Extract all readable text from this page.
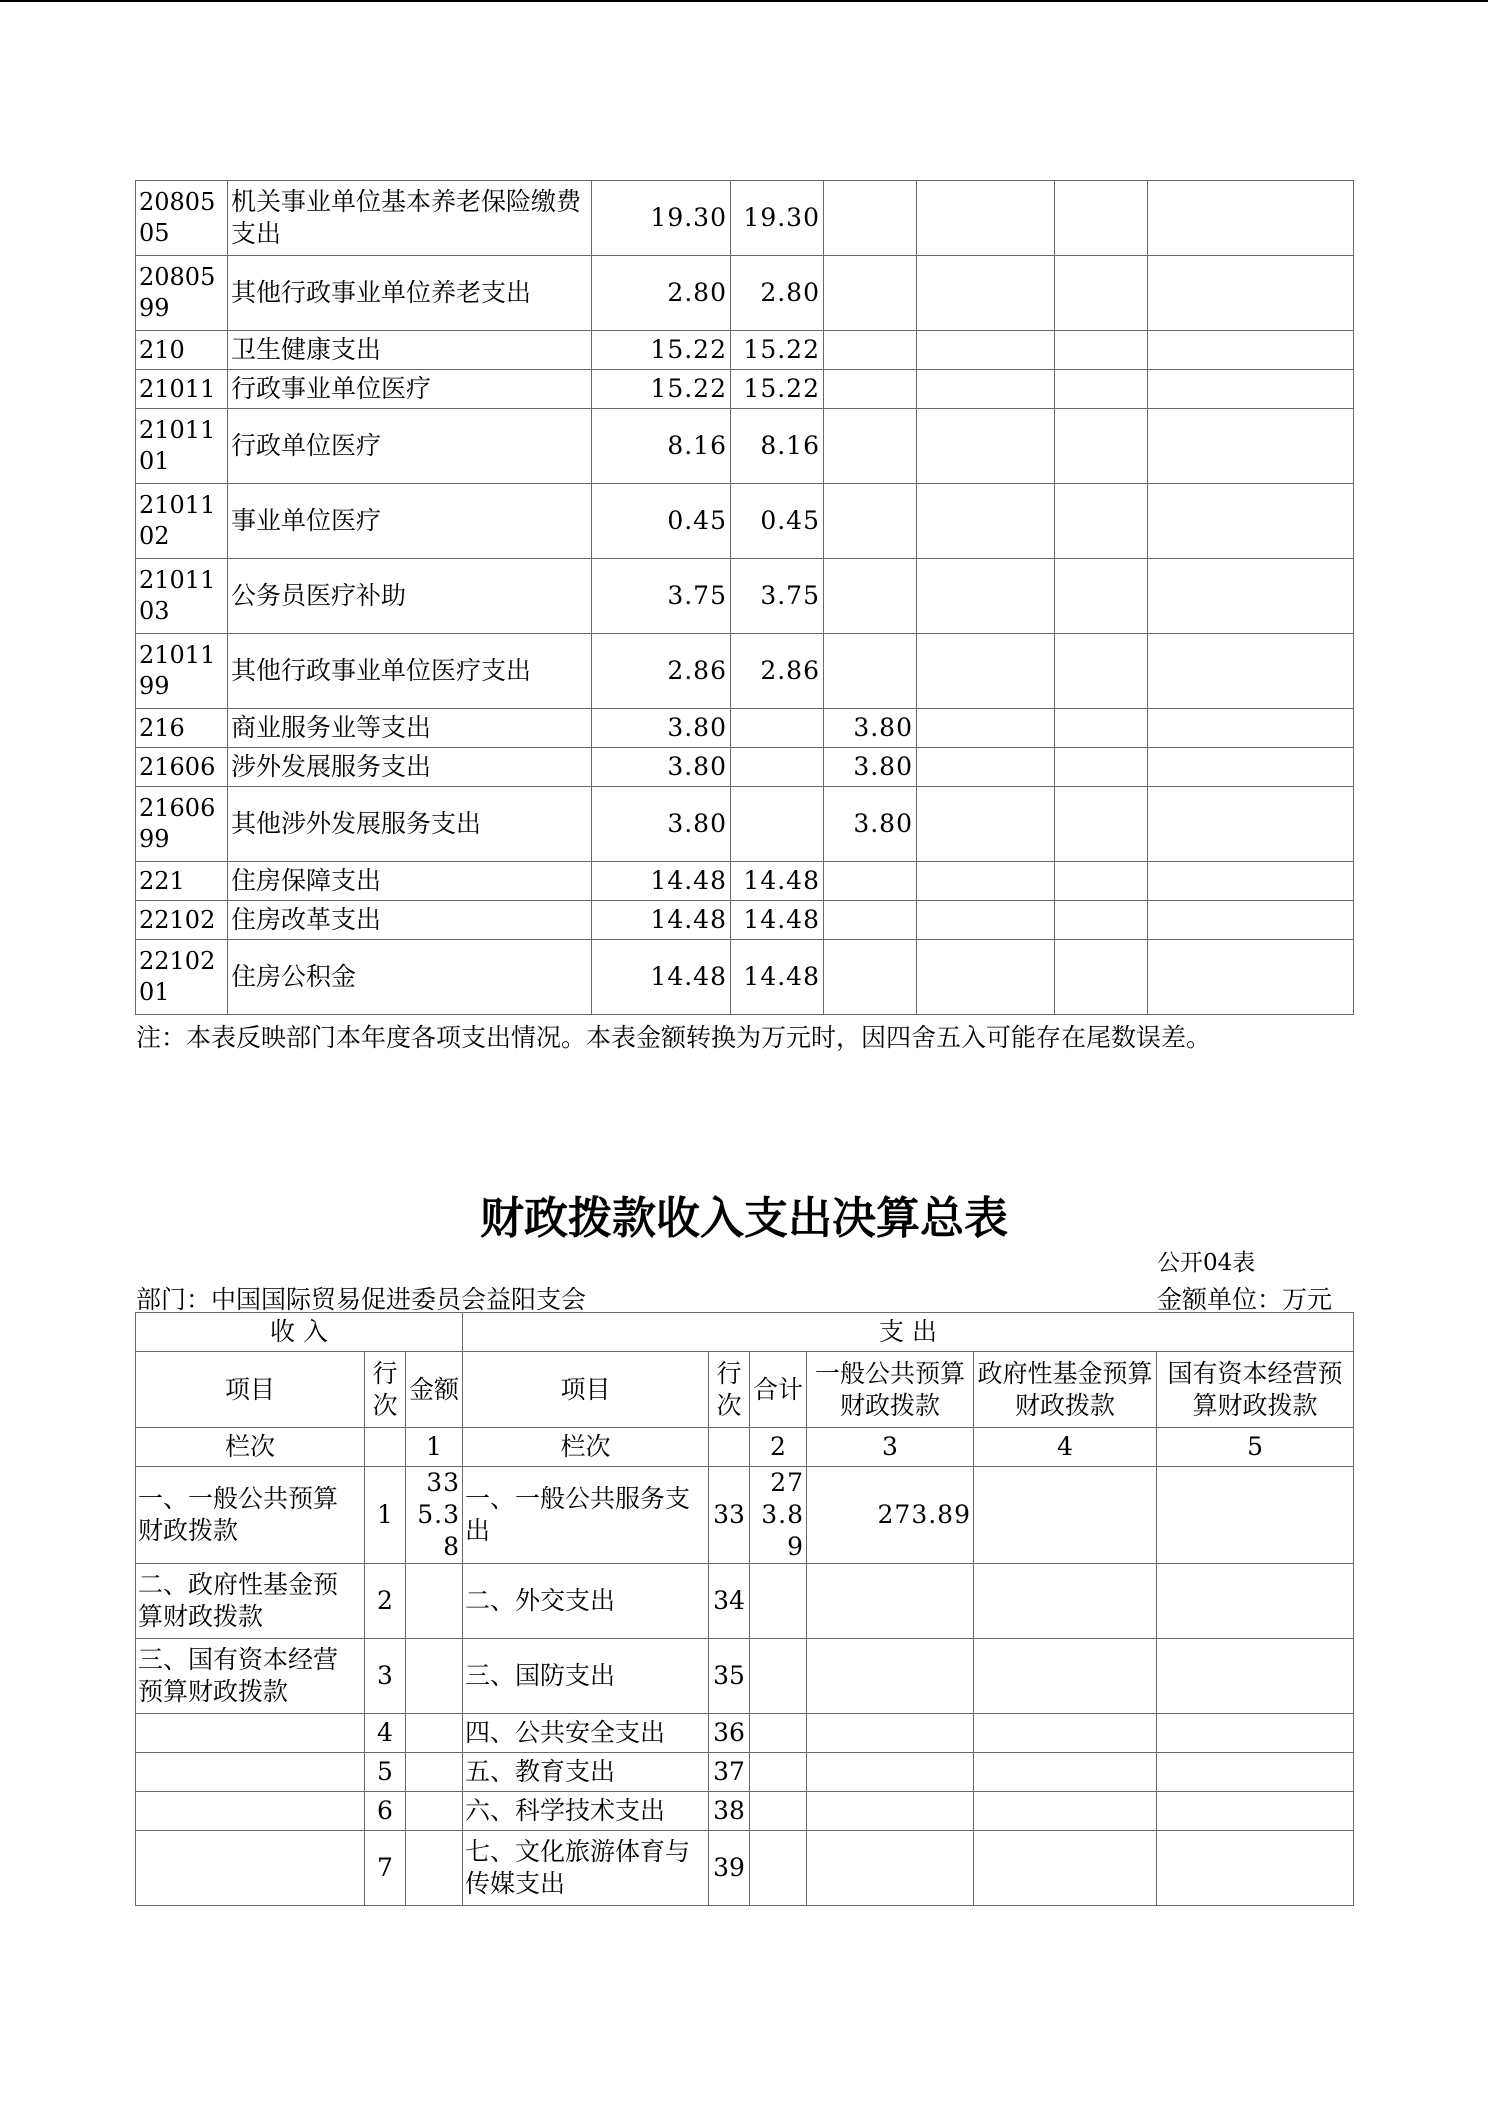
2080505	机关事业单位基本养老保险缴费支出	19.30	19.30				
2080599	其他行政事业单位养老支出	2.80	2.80				
210	卫生健康支出	15.22	15.22				
21011	行政事业单位医疗	15.22	15.22				
2101101	行政单位医疗	8.16	8.16				
2101102	事业单位医疗	0.45	0.45				
2101103	公务员医疗补助	3.75	3.75				
2101199	其他行政事业单位医疗支出	2.86	2.86				
216	商业服务业等支出	3.80		3.80			
21606	涉外发展服务支出	3.80		3.80			
2160699	其他涉外发展服务支出	3.80		3.80			
221	住房保障支出	14.48	14.48				
22102	住房改革支出	14.48	14.48				
2210201	住房公积金	14.48	14.48				
注：本表反映部门本年度各项支出情况。本表金额转换为万元时，因四舍五入可能存在尾数误差。
财政拨款收入支出决算总表
公开04表
部门：中国国际贸易促进委员会益阳支会	金额单位：万元
收 入			支 出					
项目	行次	金额	项目	行次	合计	一般公共预算财政拨款	政府性基金预算财政拨款	国有资本经营预算财政拨款
栏次		1	栏次		2	3	4	5
一、一般公共预算财政拨款	1	335.38	一、一般公共服务支出	33	273.89	273.89		
二、政府性基金预算财政拨款	2		二、外交支出	34				
三、国有资本经营预算财政拨款	3		三、国防支出	35				
	4		四、公共安全支出	36				
	5		五、教育支出	37				
	6		六、科学技术支出	38				
	7		七、文化旅游体育与传媒支出	39				
